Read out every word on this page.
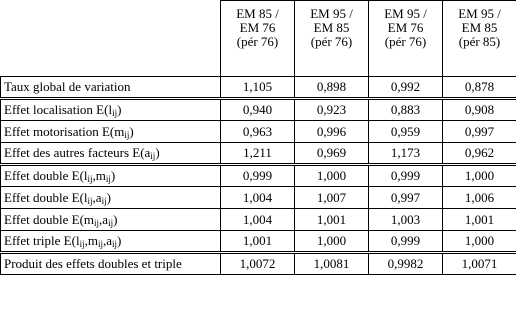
	EM 85 /
EM 76
(pér 76)	EM 95 /
EM 85
(pér 76)	EM 95 /
EM 76
(pér 76)	EM 95 /
EM 85
(pér 85)

Taux global de variation	1,105	0,898	0,992	0,878
Effet localisation $E(l_{ij})$	0,940	0,923	0,883	0,908
Effet motorisation $E(m_{ij})$	0,963	0,996	0,959	0,997
Effet des autres facteurs $E(a_{ij})$	1,211	0,969	1,173	0,962
Effet double $E(l_{ij},m_{ij})$	0,999	1,000	0,999	1,000
Effet double $E(l_{ij},a_{ij})$	1,004	1,007	0,997	1,006
Effet double $E(m_{ij},a_{ij})$	1,004	1,001	1,003	1,001
Effet triple $E(l_{ij},m_{ij},a_{ij})$	1,001	1,000	0,999	1,000
Produit des effets doubles et triple	1,0072	1,0081	0,9982	1,0071
